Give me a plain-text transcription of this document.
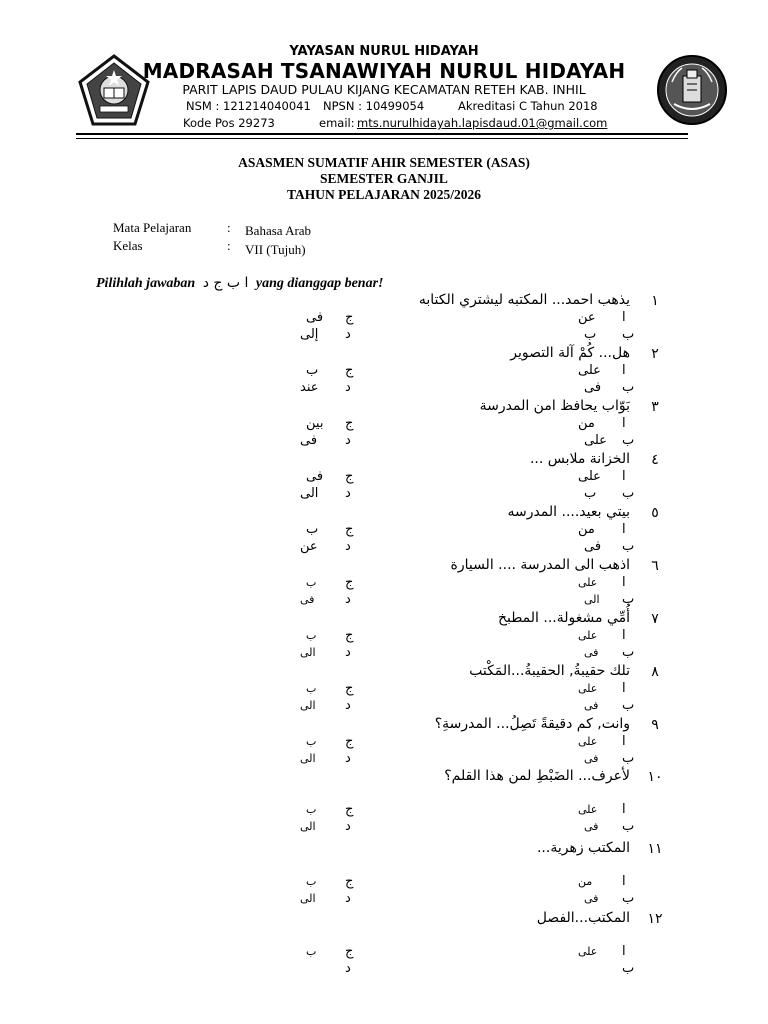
YAYASAN NURUL HIDAYAH
MADRASAH TSANAWIYAH NURUL HIDAYAH
PARIT LAPIS DAUD PULAU KIJANG KECAMATAN RETEH KAB. INHIL
NSM : 121214040041 NPSN : 10499054	Akreditasi C Tahun 2018
Kode Pos 29273	email: mts.nurulhidayah.lapisdaud.01@gmail.com
ASASMEN SUMATIF AHIR SEMESTER (ASAS)
SEMESTER GANJIL
TAHUN PELAJARAN 2025/2026
Mata Pelajaran	: Bahasa Arab
Kelas	: VII (Tujuh)
Pilihlah jawaban ا ب ج د yang dianggap benar!
١
يذهب احمد... المكتبه ليشتري الكتابه
ا
عن
ب
ب
ج
فى
د
إلى
٢
هل... كُمْ آلة التصوير
ا
على
ب
فى
ج
ب
د
عند
٣
بَوّاب يحافظ امن المدرسة
ا
من
ب
على
ج
بين
د
فى
٤
الخزانة ملابس ...
ا
على
ب
ب
ج
فى
د
الى
٥
بيتي بعيد.... المدرسه
ا
من
ب
فى
ج
ب
د
عن
٦
اذهب الى المدرسة .... السيارة
ا
على
ب
الى
ج
ب
د
فى
٧
أُمِّي مشغولة... المطبخ
ا
على
ب
فى
ج
ب
د
الى
٨
تلك حقيبةُ, الحقيبةُ...المَكْتب
ا
على
ب
فى
ج
ب
د
الى
٩
وانت, كم دقيقةً تَصِلُ... المدرسةِ؟
ا
على
ب
فى
ج
ب
د
الى
١٠
لأعرف... الضَبْطِ لمن هذا القلم؟
ا
على
ب
فى
ج
ب
د
الى
١١
المكتب زهرية...
ا
من
ب
فى
ج
ب
د
الى
١٢
المكتب...الفصل
ا
على
ب
ج
ب
د
